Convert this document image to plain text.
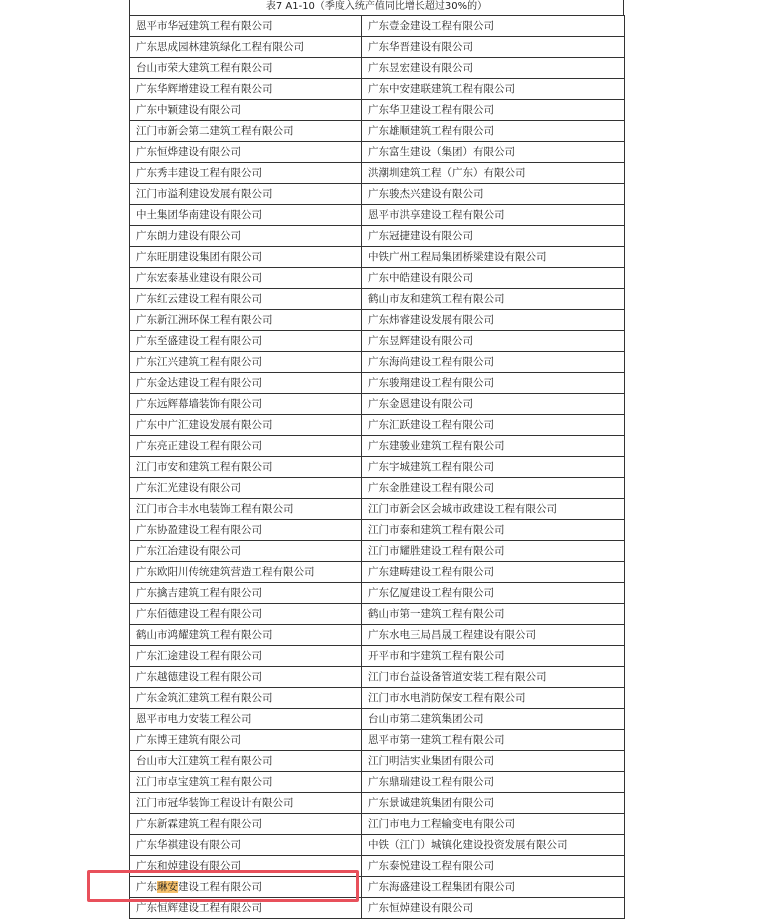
表7 A1-10（季度入统产值同比增长超过30%的）
恩平市华冠建筑工程有限公司	广东壹金建设工程有限公司
广东思成园林建筑绿化工程有限公司	广东华晋建设有限公司
台山市荣大建筑工程有限公司	广东昱宏建设有限公司
广东华辉增建设工程有限公司	广东中安建联建筑工程有限公司
广东中颖建设有限公司	广东华卫建设工程有限公司
江门市新会第二建筑工程有限公司	广东雄顺建筑工程有限公司
广东恒烨建设有限公司	广东富生建设（集团）有限公司
广东秀丰建设工程有限公司	洪潮圳建筑工程（广东）有限公司
江门市溢利建设发展有限公司	广东骏杰兴建设有限公司
中土集团华南建设有限公司	恩平市洪享建设工程有限公司
广东朗力建设有限公司	广东冠捷建设有限公司
广东旺朋建设集团有限公司	中铁广州工程局集团桥梁建设有限公司
广东宏泰基业建设有限公司	广东中皓建设有限公司
广东红云建设工程有限公司	鹤山市友和建筑工程有限公司
广东新江洲环保工程有限公司	广东炜睿建设发展有限公司
广东至盛建设工程有限公司	广东昱辉建设有限公司
广东江兴建筑工程有限公司	广东海尚建设工程有限公司
广东金达建设工程有限公司	广东骏翔建设工程有限公司
广东远辉幕墙装饰有限公司	广东金恩建设有限公司
广东中广汇建设发展有限公司	广东汇跃建设工程有限公司
广东亮正建设工程有限公司	广东建骏业建筑工程有限公司
江门市安和建筑工程有限公司	广东宇城建筑工程有限公司
广东汇光建设有限公司	广东金胜建设工程有限公司
江门市合丰水电装饰工程有限公司	江门市新会区会城市政建设工程有限公司
广东协盈建设工程有限公司	江门市泰和建筑工程有限公司
广东江冶建设有限公司	江门市耀胜建设工程有限公司
广东欧阳川传统建筑营造工程有限公司	广东建畴建设工程有限公司
广东擒吉建筑工程有限公司	广东亿厦建设工程有限公司
广东佰德建设工程有限公司	鹤山市第一建筑工程有限公司
鹤山市鸿耀建筑工程有限公司	广东水电三局昌晟工程建设有限公司
广东汇途建设工程有限公司	开平市和宇建筑工程有限公司
广东越德建设工程有限公司	江门市台益设备管道安装工程有限公司
广东金筑汇建筑工程有限公司	江门市水电消防保安工程有限公司
恩平市电力安装工程公司	台山市第二建筑集团公司
广东博王建筑有限公司	恩平市第一建筑工程有限公司
台山市大江建筑工程有限公司	江门明洁实业集团有限公司
江门市卓宝建筑工程有限公司	广东鼎瑞建设工程有限公司
江门市冠华装饰工程设计有限公司	广东景诚建筑集团有限公司
广东新霖建筑工程有限公司	江门市电力工程输变电有限公司
广东华祺建设有限公司	中铁（江门）城镇化建设投资发展有限公司
广东和焯建设有限公司	广东泰悦建设工程有限公司
广东琳安建设工程有限公司	广东海盛建设工程集团有限公司
广东恒辉建设工程有限公司	广东恒焯建设有限公司
